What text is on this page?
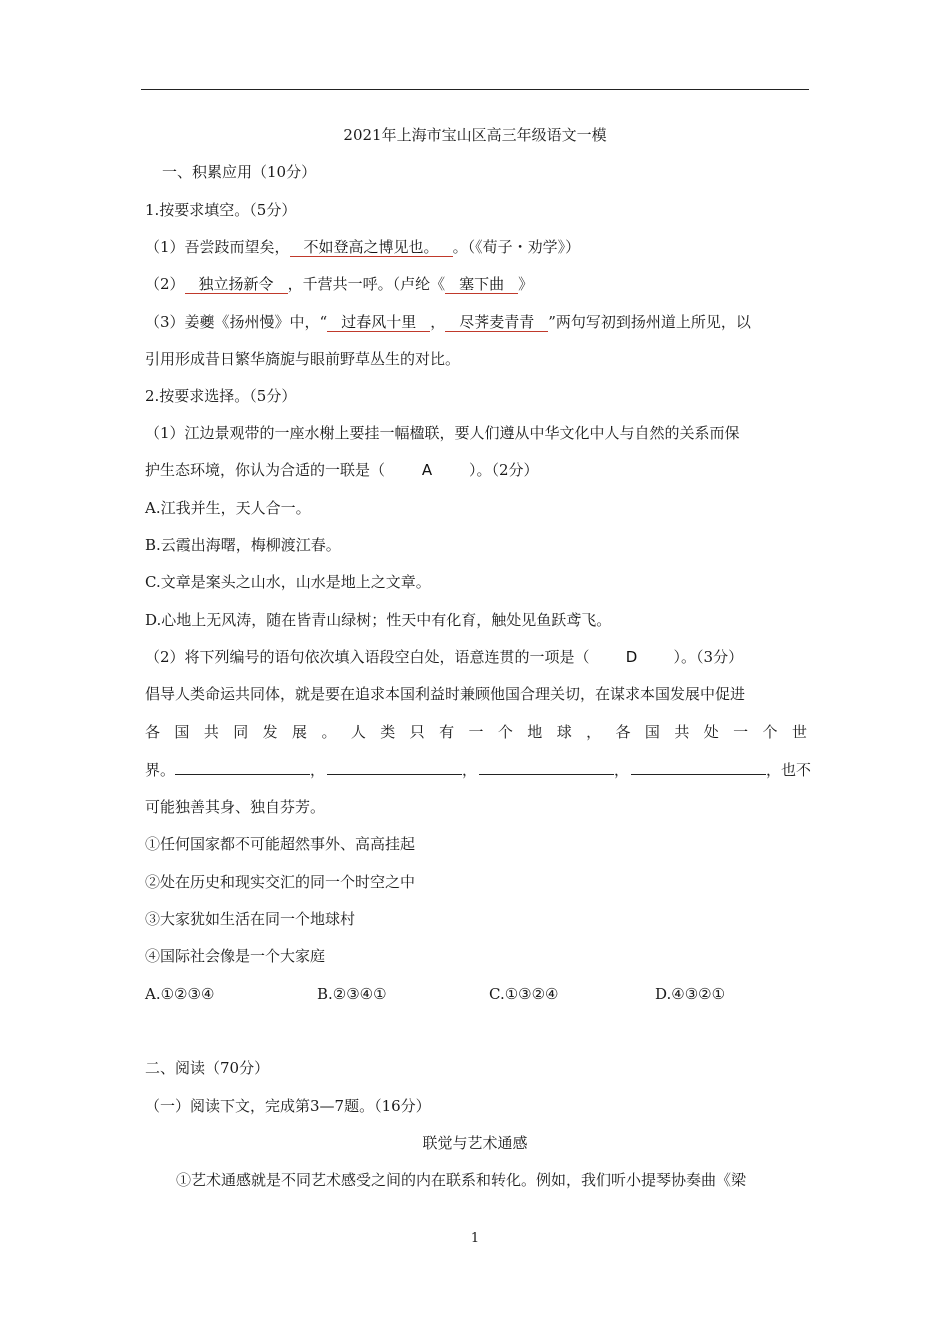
2021年上海市宝山区高三年级语文一模
一、积累应用（10分）
1.按要求填空。（5分）
（1）吾尝跂而望矣， 不如登高之博见也。 。（《荀子・劝学》）
（2） 独立扬新令 ，千营共一呼。（卢纶《 塞下曲 》
（3）姜夔《扬州慢》中，“ 过春风十里 ， 尽荠麦青青 ”两句写初到扬州道上所见，以
引用形成昔日繁华旖旎与眼前野草丛生的对比。
2.按要求选择。（5分）
（1）江边景观带的一座水榭上要挂一幅楹联，要人们遵从中华文化中人与自然的关系而保
护生态环境，你认为合适的一联是（ A ）。（2分）
A.江我并生，天人合一。
B.云霞出海曙，梅柳渡江春。
C.文章是案头之山水，山水是地上之文章。
D.心地上无风涛，随在皆青山绿树；性天中有化育，触处见鱼跃鸢飞。
（2）将下列编号的语句依次填入语段空白处，语意连贯的一项是（ D ）。（3分）
倡导人类命运共同体，就是要在追求本国利益时兼顾他国合理关切，在谋求本国发展中促进
各 国 共 同 发 展 。 人 类 只 有 一 个 地 球 ， 各 国 共 处 一 个 世
界。	，	，	，	，也不
可能独善其身、独自芬芳。
①任何国家都不可能超然事外、高高挂起
②处在历史和现实交汇的同一个时空之中
③大家犹如生活在同一个地球村
④国际社会像是一个大家庭
A.①②③④	B.②③④①	C.①③②④	D.④③②①
二、阅读（70分）
（一）阅读下文，完成第3—7题。（16分）
联觉与艺术通感
①艺术通感就是不同艺术感受之间的内在联系和转化。例如，我们听小提琴协奏曲《梁
1
